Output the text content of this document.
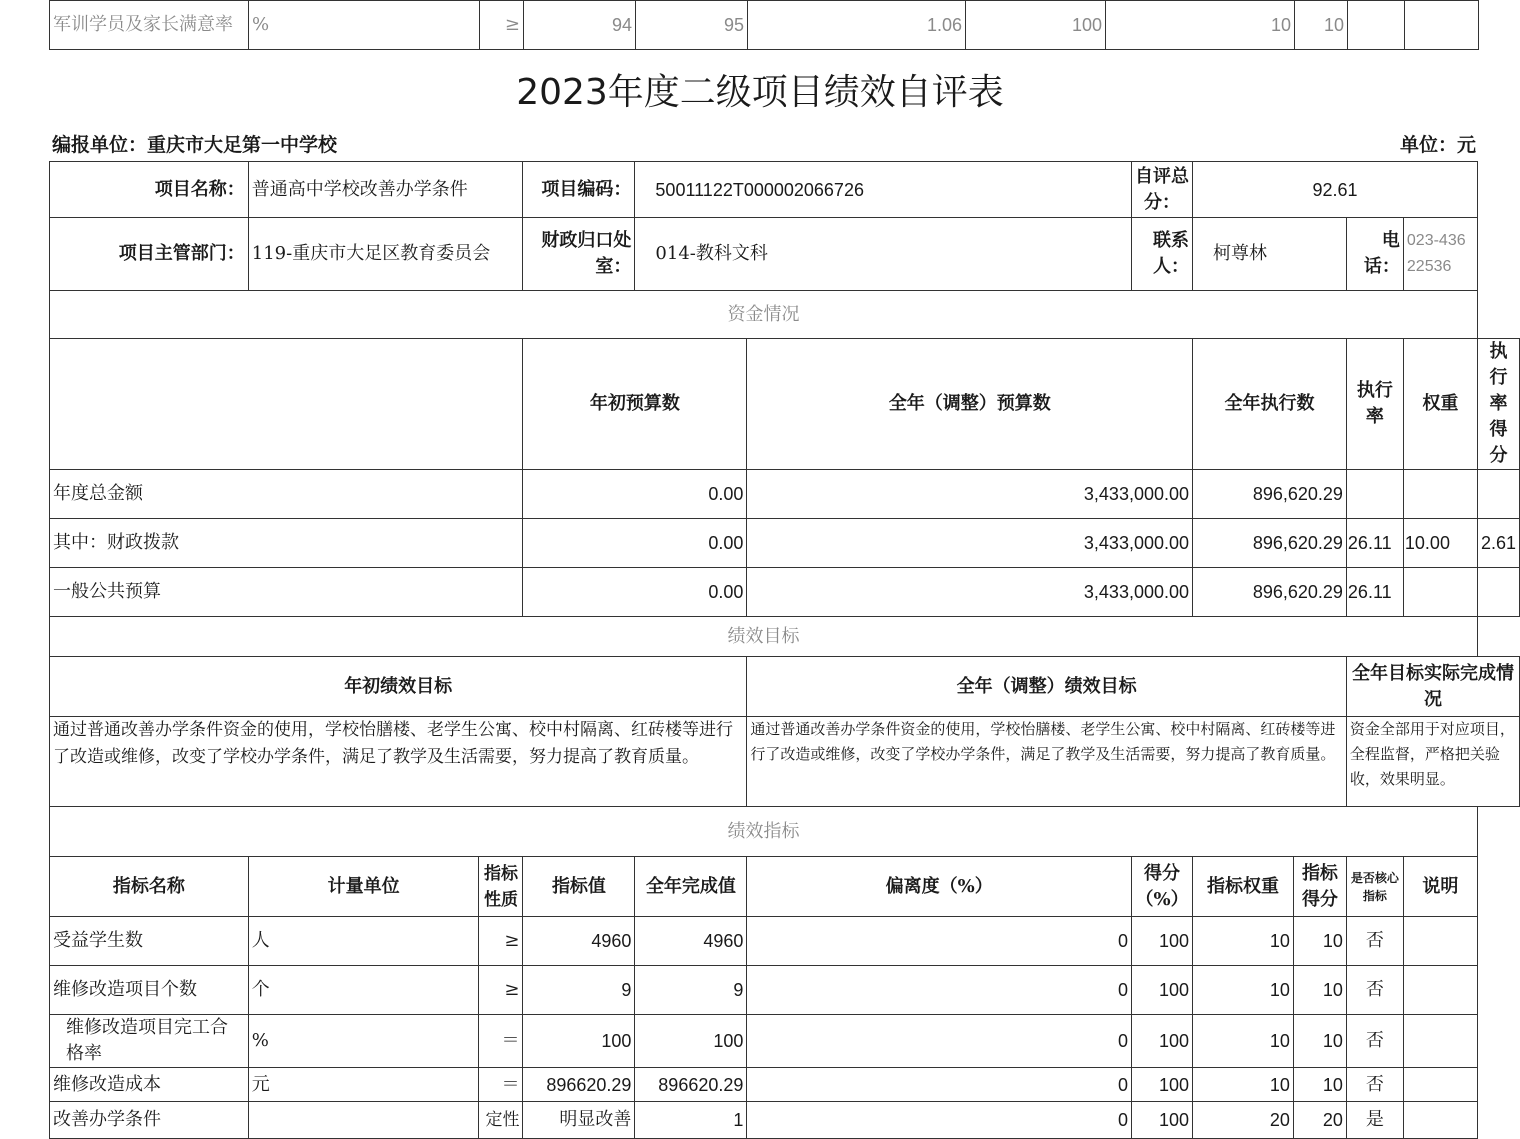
军训学员及家长满意率	%	≥	94	95	1.06	100	10	10		
2023年度二级项目绩效自评表
编报单位：重庆市大足第一中学校	单位：元
项目名称：	普通高中学校改善办学条件		项目编码：	50011122T000002066726		自评总分：	92.61				
项目主管部门：	119-重庆市大足区教育委员会		财政归口处室：	014-教科文科		联系人：	柯尊林		电话：	023-43622536	
资金情况											
			年初预算数		全年（调整）预算数		全年执行数		执行率	权重	执行率得分
年度总金额			0.00		3,433,000.00		896,620.29				
其中：财政拨款			0.00		3,433,000.00		896,620.29		26.11	10.00	2.61
一般公共预算			0.00		3,433,000.00		896,620.29		26.11		
绩效目标											
年初绩效目标					全年（调整）绩效目标				全年目标实际完成情况		
通过普通改善办学条件资金的使用，学校怡膳楼、老学生公寓、校中村隔离、红砖楼等进行了改造或维修，改变了学校办学条件，满足了教学及生活需要，努力提高了教育质量。					通过普通改善办学条件资金的使用，学校怡膳楼、老学生公寓、校中村隔离、红砖楼等进行了改造或维修，改变了学校办学条件，满足了教学及生活需要，努力提高了教育质量。				资金全部用于对应项目，全程监督，严格把关验收，效果明显。		
绩效指标											
指标名称	计量单位	指标性质	指标值	全年完成值	偏离度（%）	得分（%）	指标权重	指标得分	是否核心指标	说明	
受益学生数	人	≥	4960	4960	0	100	10	10	否		
维修改造项目个数	个	≥	9	9	0	100	10	10	否		
维修改造项目完工合格率	%	＝	100	100	0	100	10	10	否		
维修改造成本	元	＝	896620.29	896620.29	0	100	10	10	否		
改善办学条件		定性	明显改善	1	0	100	20	20	是		
